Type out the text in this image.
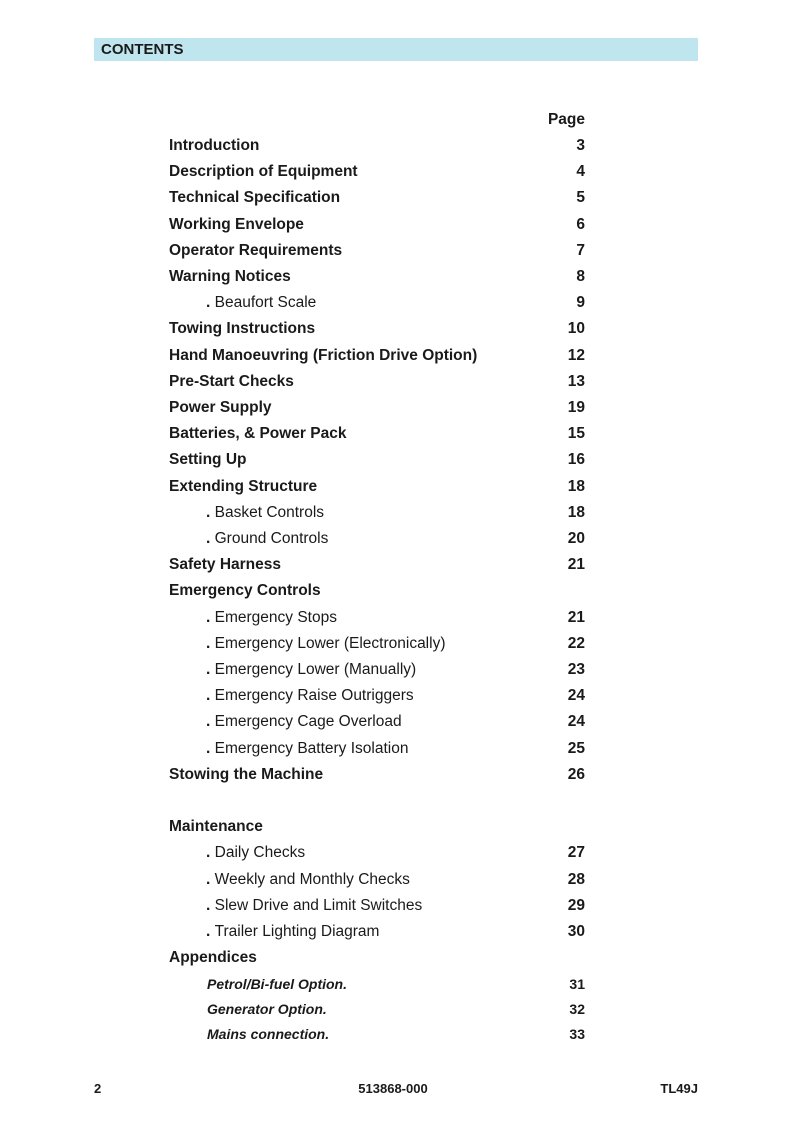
CONTENTS
Page
Introduction	3
Description of Equipment	4
Technical Specification	5
Working Envelope	6
Operator Requirements	7
Warning Notices	8
. Beaufort Scale	9
Towing Instructions	10
Hand Manoeuvring (Friction Drive Option)	12
Pre-Start Checks	13
Power Supply	19
Batteries, & Power Pack	15
Setting Up	16
Extending Structure	18
. Basket Controls	18
. Ground Controls	20
Safety Harness	21
Emergency Controls
. Emergency Stops	21
. Emergency Lower (Electronically)	22
. Emergency Lower (Manually)	23
. Emergency Raise Outriggers	24
. Emergency Cage Overload	24
. Emergency Battery Isolation	25
Stowing the Machine	26
Maintenance
. Daily Checks	27
. Weekly and Monthly Checks	28
. Slew Drive and Limit Switches	29
. Trailer Lighting Diagram	30
Appendices
Petrol/Bi-fuel Option.	31
Generator Option.	32
Mains connection.	33
2	513868-000	TL49J
